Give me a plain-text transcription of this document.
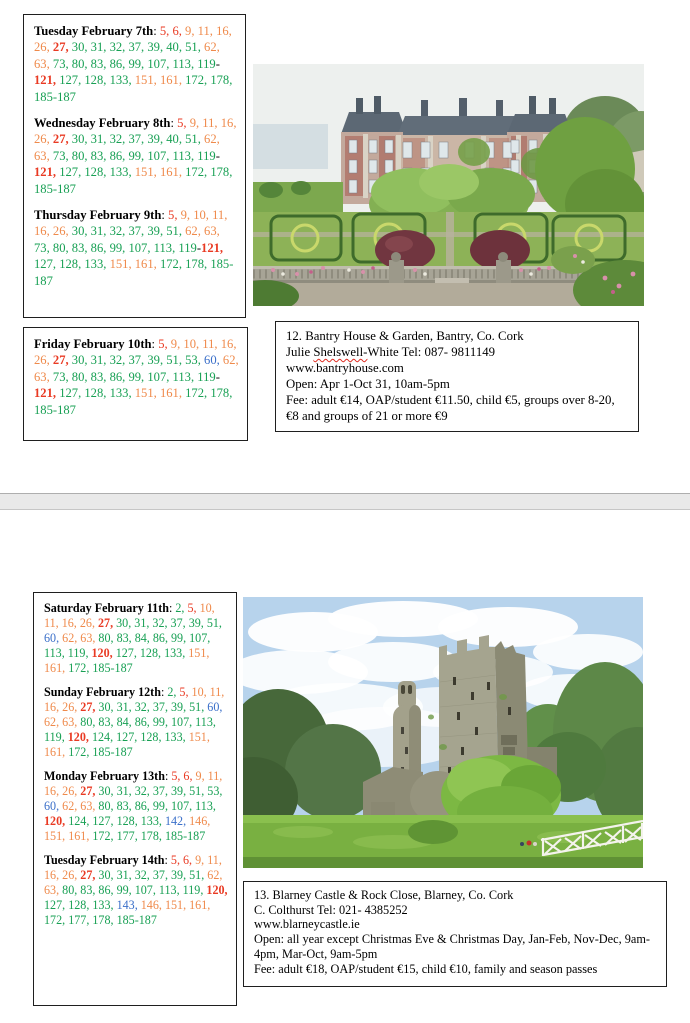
Tuesday February 7th: 5, 6, 9, 11, 16, 26, 27, 30, 31, 32, 37, 39, 40, 51, 62, 63, 73, 80, 83, 86, 99, 107, 113, 119-121, 127, 128, 133, 151, 161, 172, 178, 185-187

Wednesday February 8th: 5, 9, 11, 16, 26, 27, 30, 31, 32, 37, 39, 40, 51, 62, 63, 73, 80, 83, 86, 99, 107, 113, 119-121, 127, 128, 133, 151, 161, 172, 178, 185-187

Thursday February 9th: 5, 9, 10, 11, 16, 26, 30, 31, 32, 37, 39, 51, 62, 63, 73, 80, 83, 86, 99, 107, 113, 119-121, 127, 128, 133, 151, 161, 172, 178, 185-187

Friday February 10th: 5, 9, 10, 11, 16, 26, 27, 30, 31, 32, 37, 39, 51, 53, 60, 62, 63, 73, 80, 83, 86, 99, 107, 113, 119-121, 127, 128, 133, 151, 161, 172, 178, 185-187

12. Bantry House & Garden, Bantry, Co. Cork
Julie Shelswell-White Tel: 087- 9811149
www.bantryhouse.com
Open: Apr 1-Oct 31, 10am-5pm
Fee: adult €14, OAP/student €11.50, child €5, groups over 8-20, €8 and groups of 21 or more €9

Saturday February 11th: 2, 5, 10, 11, 16, 26, 27, 30, 31, 32, 37, 39, 51, 60, 62, 63, 80, 83, 84, 86, 99, 107, 113, 119, 120, 127, 128, 133, 151, 161, 172, 185-187

Sunday February 12th: 2, 5, 10, 11, 16, 26, 27, 30, 31, 32, 37, 39, 51, 60, 62, 63, 80, 83, 84, 86, 99, 107, 113, 119, 120, 124, 127, 128, 133, 151, 161, 172, 185-187

Monday February 13th: 5, 6, 9, 11, 16, 26, 27, 30, 31, 32, 37, 39, 51, 53, 60, 62, 63, 80, 83, 86, 99, 107, 113, 120, 124, 127, 128, 133, 142, 146, 151, 161, 172, 177, 178, 185-187

Tuesday February 14th: 5, 6, 9, 11, 16, 26, 27, 30, 31, 32, 37, 39, 51, 62, 63, 80, 83, 86, 99, 107, 113, 119, 120, 127, 128, 133, 143, 146, 151, 161, 172, 177, 178, 185-187

13. Blarney Castle & Rock Close, Blarney, Co. Cork
C. Colthurst Tel: 021- 4385252
www.blarneycastle.ie
Open: all year except Christmas Eve & Christmas Day, Jan-Feb, Nov-Dec, 9am-4pm, Mar-Oct, 9am-5pm
Fee: adult €18, OAP/student €15, child €10, family and season passes
